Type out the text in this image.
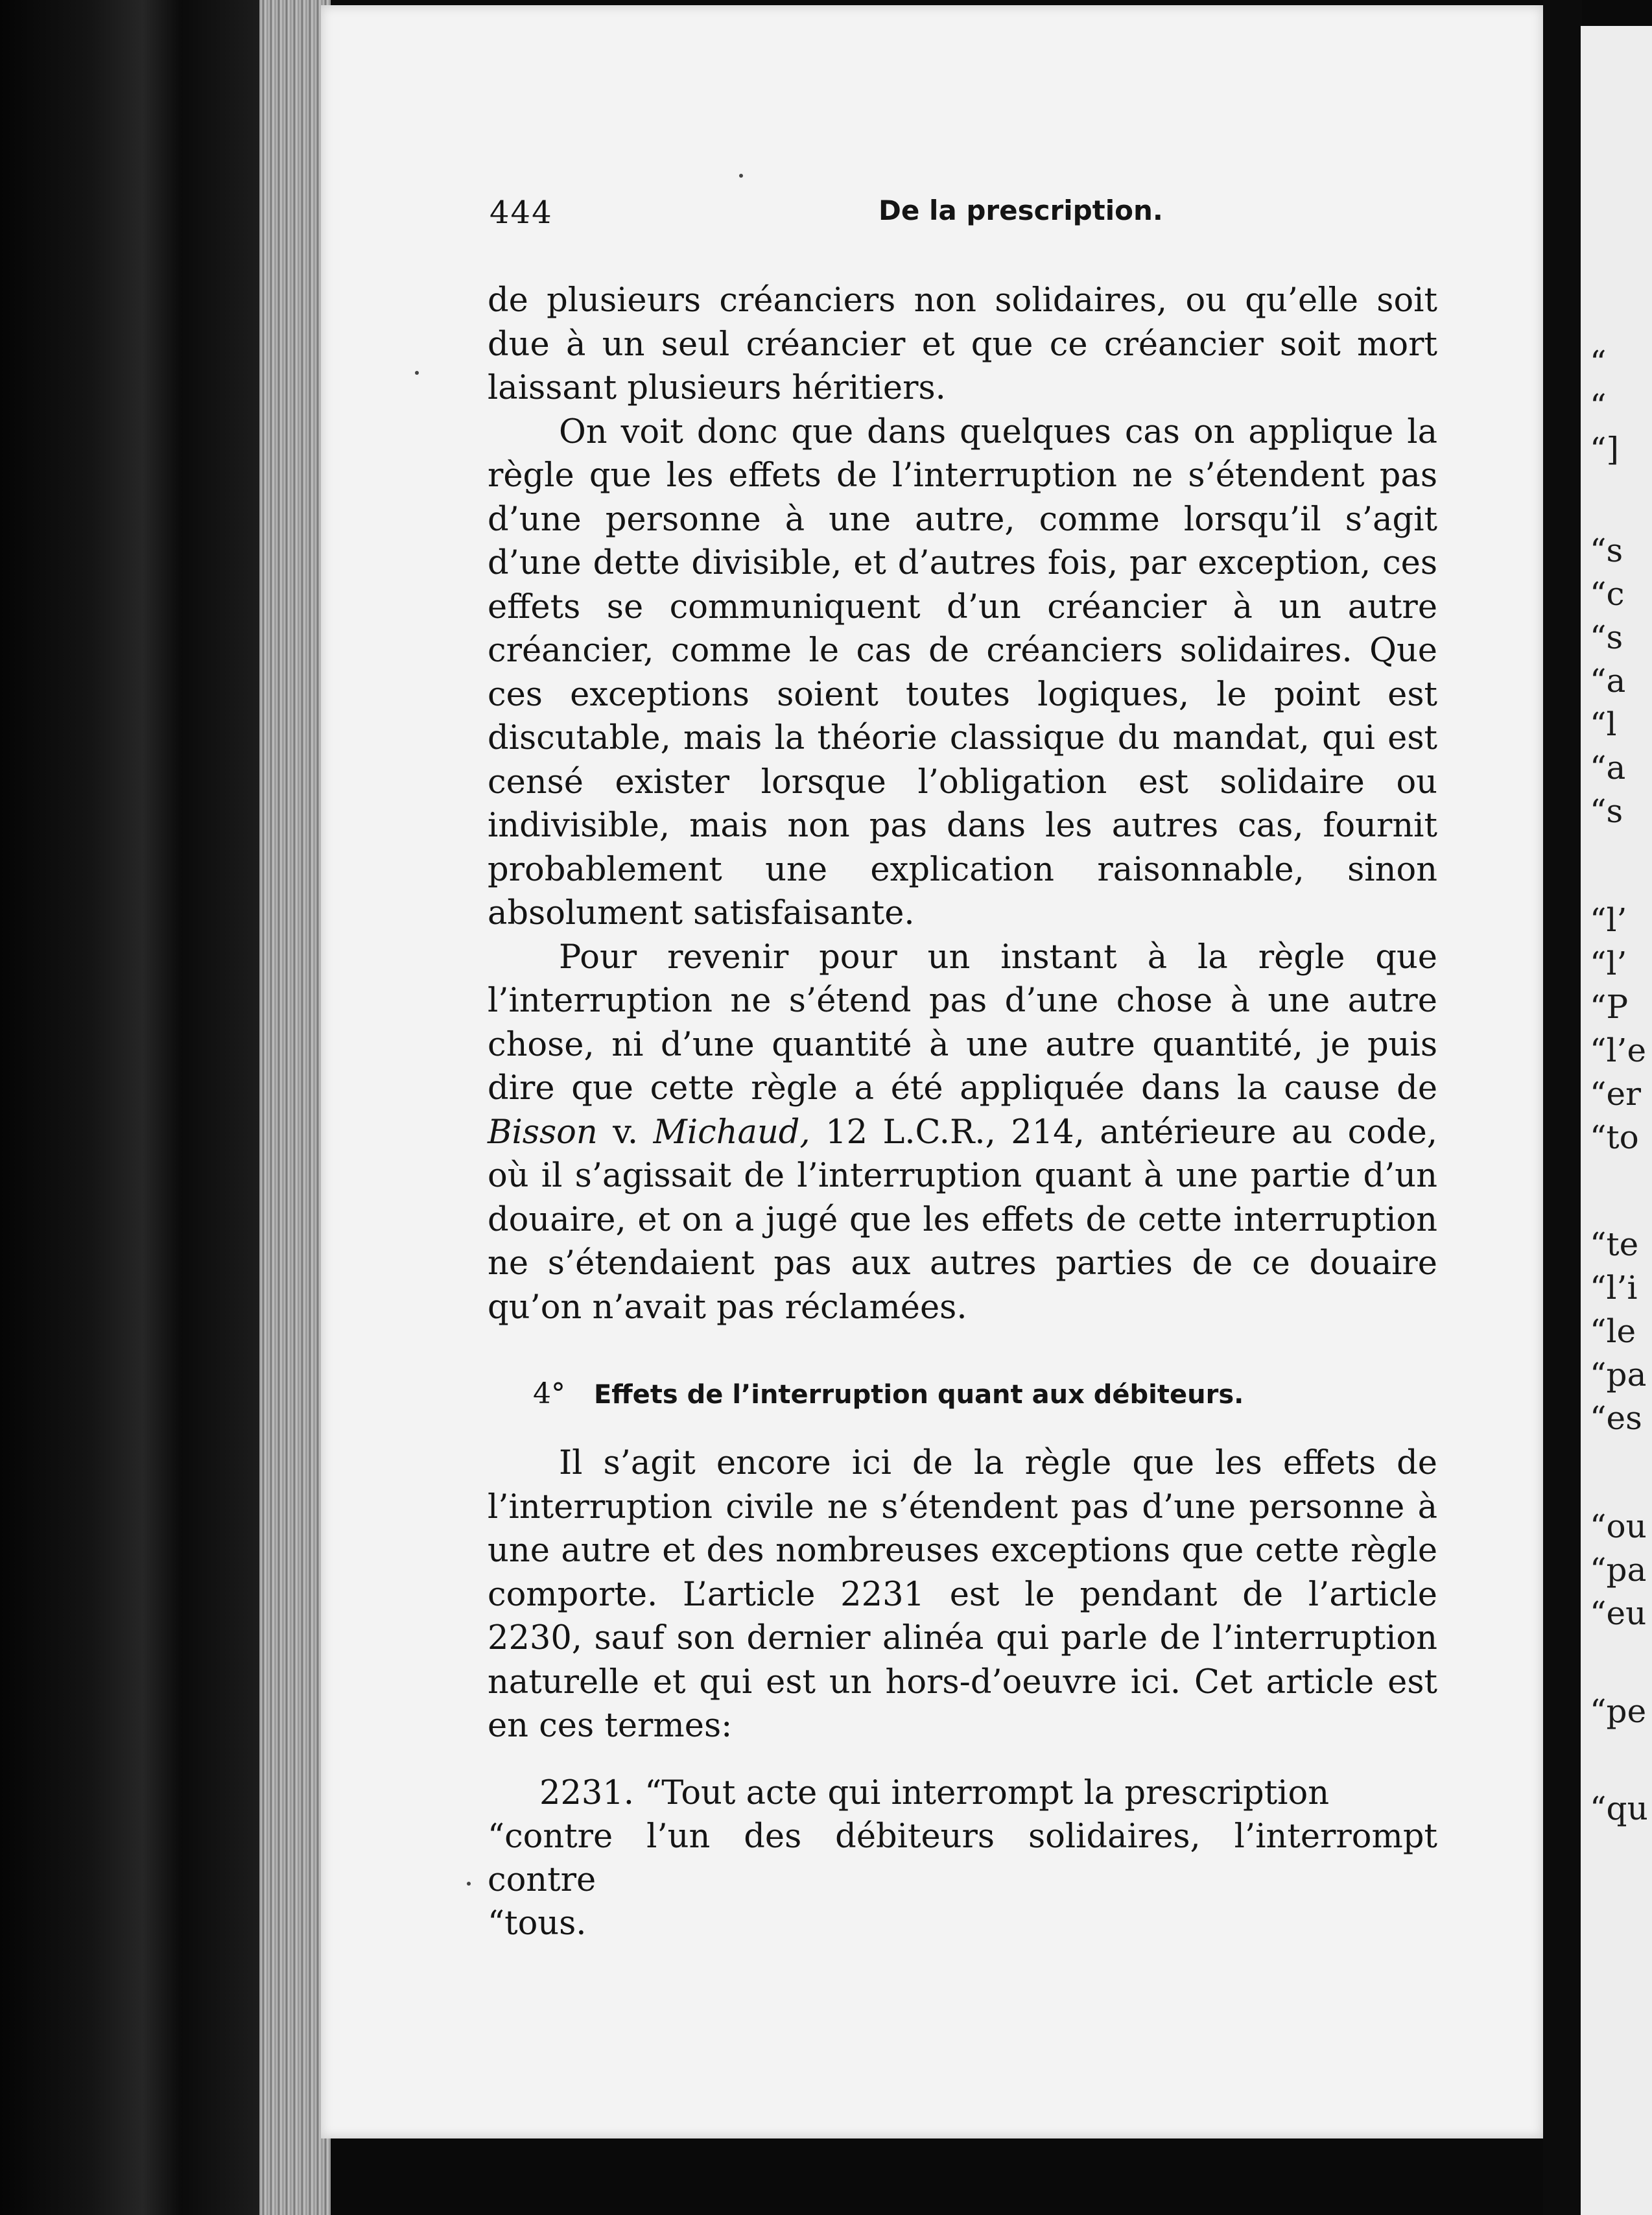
444	De la prescription.

de plusieurs créanciers non solidaires, ou qu’elle soit due à un seul créancier et que ce créancier soit mort laissant plusieurs héritiers.

On voit donc que dans quelques cas on applique la règle que les effets de l’interruption ne s’étendent pas d’une personne à une autre, comme lorsqu’il s’agit d’une dette divisible, et d’autres fois, par exception, ces effets se communiquent d’un créancier à un autre créancier, comme le cas de créanciers solidaires. Que ces exceptions soient toutes logiques, le point est discutable, mais la théorie classique du mandat, qui est censé exister lorsque l’obligation est solidaire ou indivisible, mais non pas dans les autres cas, fournit probablement une explication raisonnable, sinon absolument satisfaisante.

Pour revenir pour un instant à la règle que l’interruption ne s’étend pas d’une chose à une autre chose, ni d’une quantité à une autre quantité, je puis dire que cette règle a été appliquée dans la cause de Bisson v. Michaud, 12 L.C.R., 214, antérieure au code, où il s’agissait de l’interruption quant à une partie d’un douaire, et on a jugé que les effets de cette interruption ne s’étendaient pas aux autres parties de ce douaire qu’on n’avait pas réclamées.

4° Effets de l’interruption quant aux débiteurs.

Il s’agit encore ici de la règle que les effets de l’interruption civile ne s’étendent pas d’une personne à une autre et des nombreuses exceptions que cette règle comporte. L’article 2231 est le pendant de l’article 2230, sauf son dernier alinéa qui parle de l’interruption naturelle et qui est un hors-d’oeuvre ici. Cet article est en ces termes:

2231. “Tout acte qui interrompt la prescription
“contre l’un des débiteurs solidaires, l’interrompt contre
“tous.
“
“
“]
“s
“c
“s
“a
“l
“a
“s
“l’
“l’
“P
“l’e
“er
“to
“te
“l’i
“le
“pa
“es
“ou
“pa
“eu
“pe
“qu
